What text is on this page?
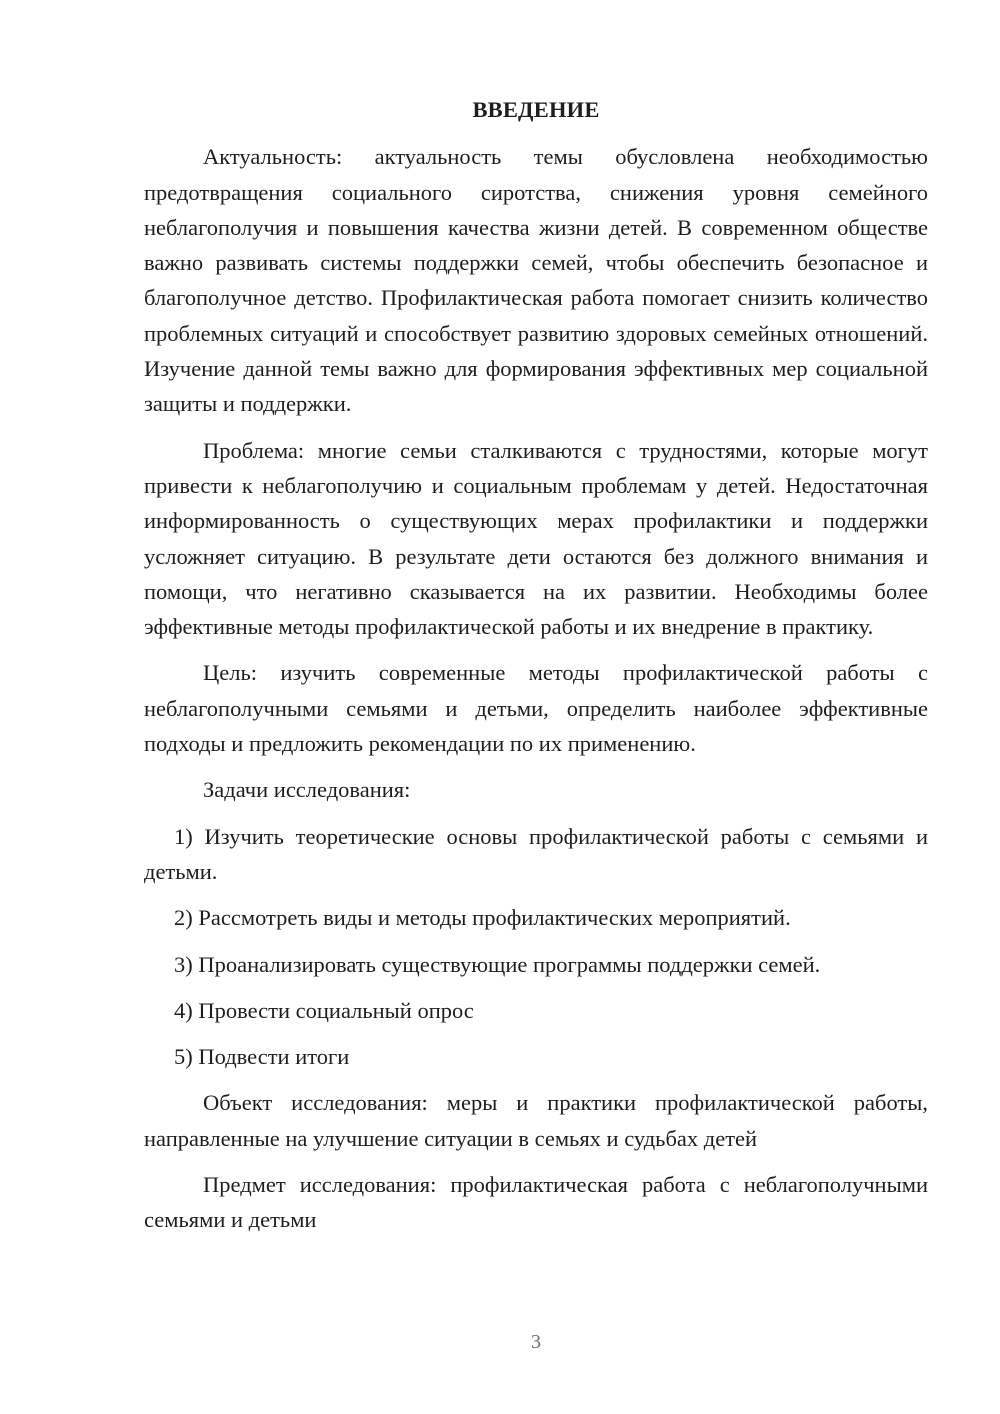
ВВЕДЕНИЕ

Актуальность: актуальность темы обусловлена необходимостью предотвращения социального сиротства, снижения уровня семейного неблагополучия и повышения качества жизни детей. В современном обществе важно развивать системы поддержки семей, чтобы обеспечить безопасное и благополучное детство. Профилактическая работа помогает снизить количество проблемных ситуаций и способствует развитию здоровых семейных отношений. Изучение данной темы важно для формирования эффективных мер социальной защиты и поддержки.

Проблема: многие семьи сталкиваются с трудностями, которые могут привести к неблагополучию и социальным проблемам у детей. Недостаточная информированность о существующих мерах профилактики и поддержки усложняет ситуацию. В результате дети остаются без должного внимания и помощи, что негативно сказывается на их развитии. Необходимы более эффективные методы профилактической работы и их внедрение в практику.

Цель: изучить современные методы профилактической работы с неблагополучными семьями и детьми, определить наиболее эффективные подходы и предложить рекомендации по их применению.

Задачи исследования:

1) Изучить теоретические основы профилактической работы с семьями и детьми.

2) Рассмотреть виды и методы профилактических мероприятий.

3) Проанализировать существующие программы поддержки семей.

4) Провести социальный опрос

5) Подвести итоги

Объект исследования: меры и практики профилактической работы, направленные на улучшение ситуации в семьях и судьбах детей

Предмет исследования: профилактическая работа с неблагополучными семьями и детьми

3
